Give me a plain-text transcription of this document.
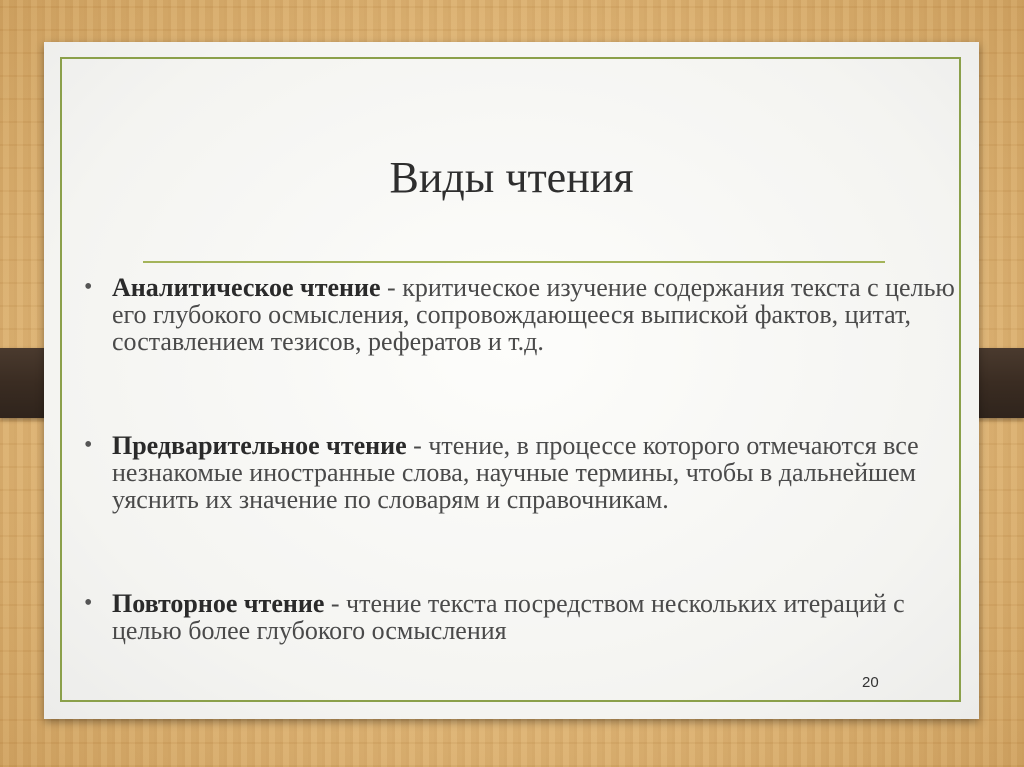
Виды чтения
• Аналитическое чтение - критическое изучение содержания текста с целью его глубокого осмысления, сопровождающееся выпиской фактов, цитат, составлением тезисов, рефератов и т.д.
• Предварительное чтение - чтение, в процессе которого отмечаются все незнакомые иностранные слова, научные термины, чтобы в дальнейшем уяснить их значение по словарям и справочникам.
• Повторное чтение - чтение текста посредством нескольких итераций с целью более глубокого осмысления
20
